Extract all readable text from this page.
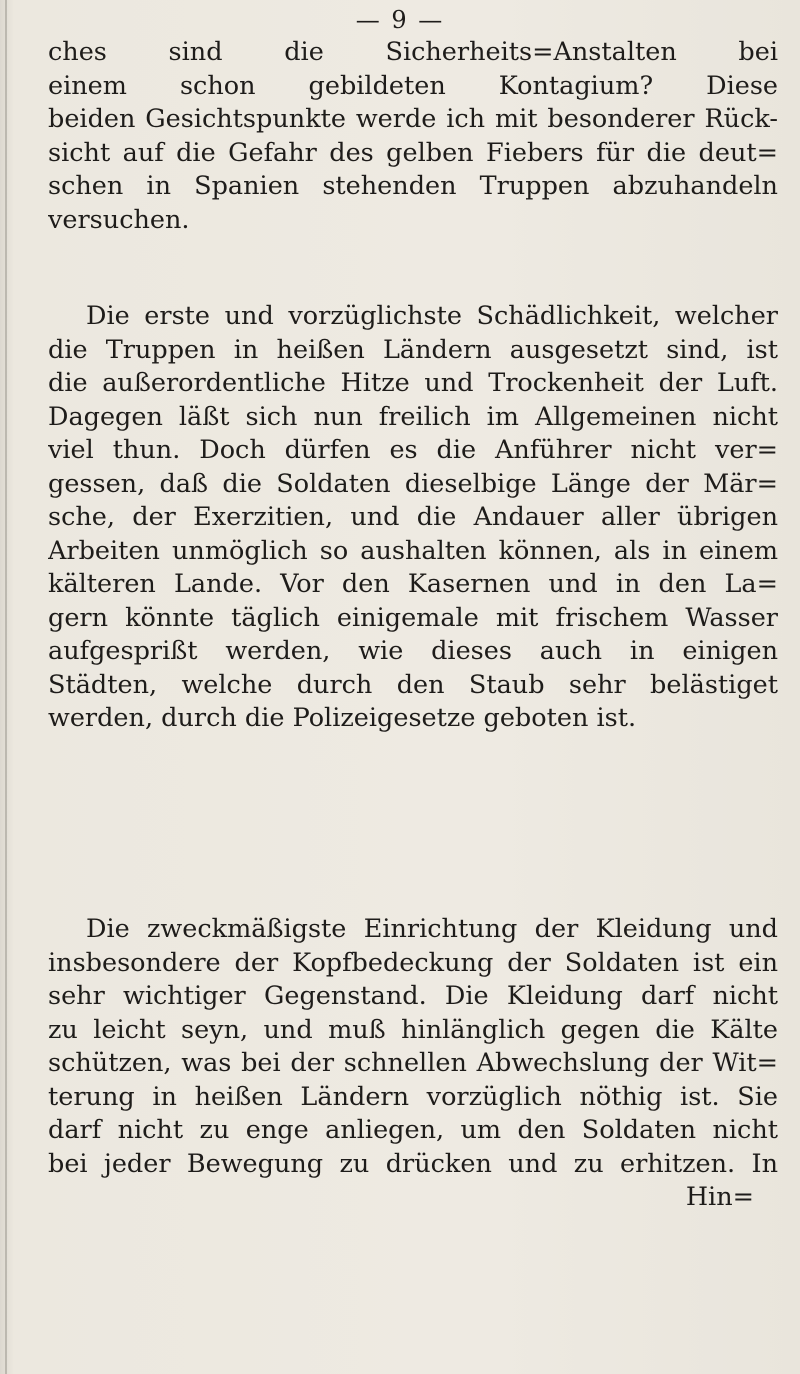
— 9 —
ches sind die Sicherheits=Anstalten bei
einem schon gebildeten Kontagium? Diese
beiden Gesichtspunkte werde ich mit besonderer Rück-
sicht auf die Gefahr des gelben Fiebers für die deut=
schen in Spanien stehenden Truppen abzuhandeln
versuchen.
Die erste und vorzüglichste Schädlichkeit, welcher
die Truppen in heißen Ländern ausgesetzt sind, ist
die außerordentliche Hitze und Trockenheit der Luft.
Dagegen läßt sich nun freilich im Allgemeinen nicht
viel thun. Doch dürfen es die Anführer nicht ver=
gessen, daß die Soldaten dieselbige Länge der Mär=
sche, der Exerzitien, und die Andauer aller übrigen
Arbeiten unmöglich so aushalten können, als in einem
kälteren Lande. Vor den Kasernen und in den La=
gern könnte täglich einigemale mit frischem Wasser
aufgesprißt werden, wie dieses auch in einigen
Städten, welche durch den Staub sehr belästiget
werden, durch die Polizeigesetze geboten ist.
Die zweckmäßigste Einrichtung der Kleidung und
insbesondere der Kopfbedeckung der Soldaten ist ein
sehr wichtiger Gegenstand. Die Kleidung darf nicht
zu leicht seyn, und muß hinlänglich gegen die Kälte
schützen, was bei der schnellen Abwechslung der Wit=
terung in heißen Ländern vorzüglich nöthig ist. Sie
darf nicht zu enge anliegen, um den Soldaten nicht
bei jeder Bewegung zu drücken und zu erhitzen. In
Hin=
